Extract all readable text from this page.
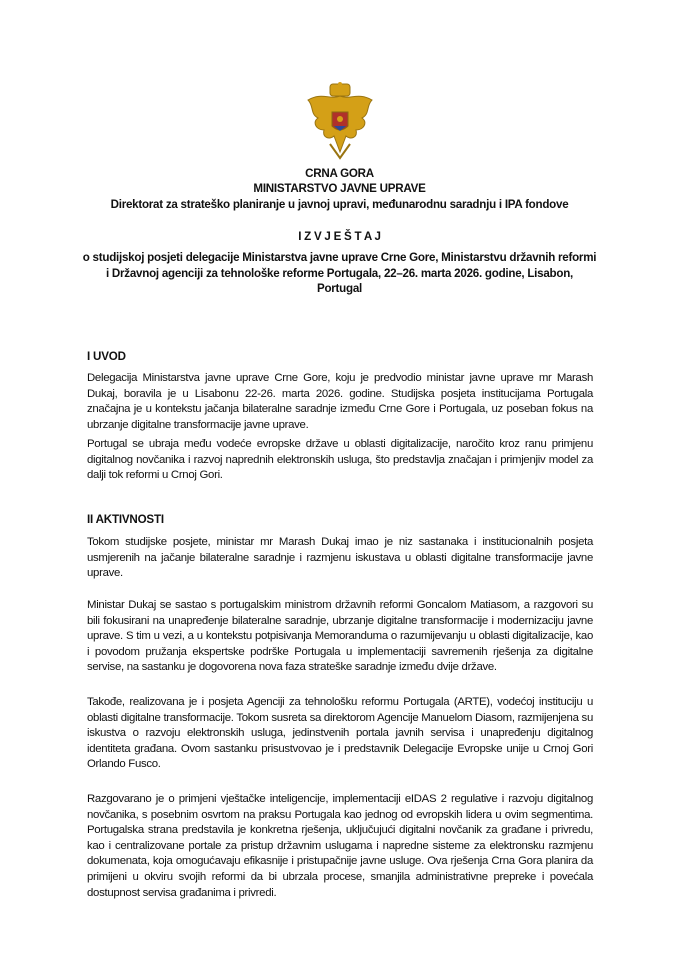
CRNA GORA
MINISTARSTVO JAVNE UPRAVE
Direktorat za strateško planiranje u javnoj upravi, međunarodnu saradnju i IPA fondove
I Z V J E Š T A J
o studijskoj posjeti delegacije Ministarstva javne uprave Crne Gore, Ministarstvu državnih reformi i Državnoj agenciji za tehnološke reforme Portugala, 22–26. marta 2026. godine, Lisabon, Portugal
I UVOD

Delegacija Ministarstva javne uprave Crne Gore, koju je predvodio ministar javne uprave mr Marash Dukaj, boravila je u Lisabonu 22-26. marta 2026. godine. Studijska posjeta institucijama Portugala značajna je u kontekstu jačanja bilateralne saradnje između Crne Gore i Portugala, uz poseban fokus na ubrzanje digitalne transformacije javne uprave.

Portugal se ubraja među vodeće evropske države u oblasti digitalizacije, naročito kroz ranu primjenu digitalnog novčanika i razvoj naprednih elektronskih usluga, što predstavlja značajan i primjenjiv model za dalji tok reformi u Crnoj Gori.

II AKTIVNOSTI

Tokom studijske posjete, ministar mr Marash Dukaj imao je niz sastanaka i institucionalnih posjeta usmjerenih na jačanje bilateralne saradnje i razmjenu iskustava u oblasti digitalne transformacije javne uprave.

Ministar Dukaj se sastao s portugalskim ministrom državnih reformi Goncalom Matiasom, a razgovori su bili fokusirani na unapređenje bilateralne saradnje, ubrzanje digitalne transformacije i modernizaciju javne uprave. S tim u vezi, a u kontekstu potpisivanja Memoranduma o razumijevanju u oblasti digitalizacije, kao i povodom pružanja ekspertske podrške Portugala u implementaciji savremenih rješenja za digitalne servise, na sastanku je dogovorena nova faza strateške saradnje između dvije države.

Takođe, realizovana je i posjeta Agenciji za tehnološku reformu Portugala (ARTE), vodećoj instituciju u oblasti digitalne transformacije. Tokom susreta sa direktorom Agencije Manuelom Diasom, razmijenjena su iskustva o razvoju elektronskih usluga, jedinstvenih portala javnih servisa i unapređenju digitalnog identiteta građana. Ovom sastanku prisustvovao je i predstavnik Delegacije Evropske unije u Crnoj Gori Orlando Fusco.

Razgovarano je o primjeni vještačke inteligencije, implementaciji eIDAS 2 regulative i razvoju digitalnog novčanika, s posebnim osvrtom na praksu Portugala kao jednog od evropskih lidera u ovim segmentima. Portugalska strana predstavila je konkretna rješenja, uključujući digitalni novčanik za građane i privredu, kao i centralizovane portale za pristup državnim uslugama i napredne sisteme za elektronsku razmjenu dokumenata, koja omogućavaju efikasnije i pristupačnije javne usluge. Ova rješenja Crna Gora planira da primijeni u okviru svojih reformi da bi ubrzala procese, smanjila administrativne prepreke i povećala dostupnost servisa građanima i privredi.
